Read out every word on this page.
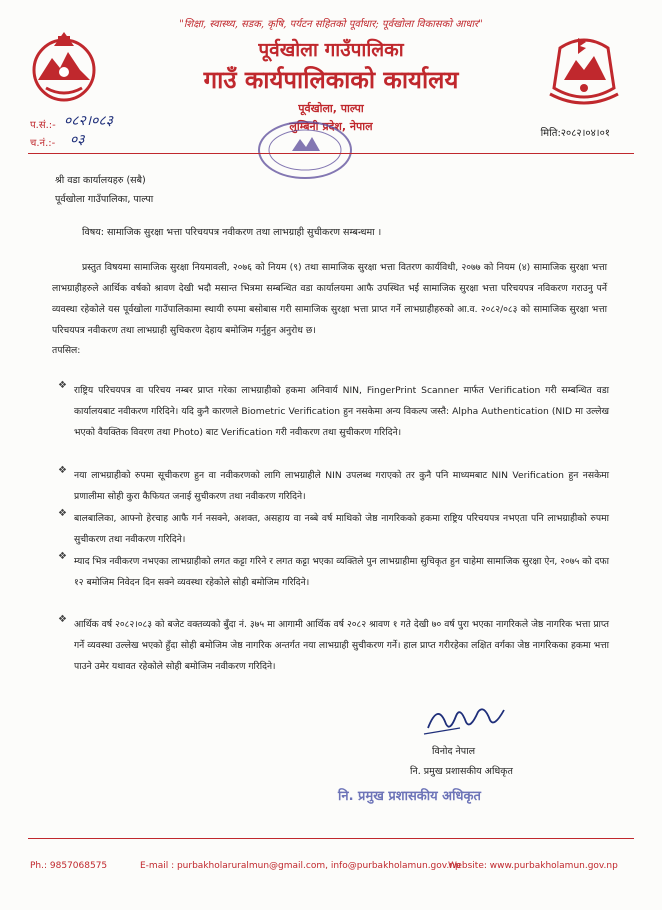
"शिक्षा, स्वास्थ्य, सडक, कृषि, पर्यटन सहितको पूर्वाधार; पूर्वखोला विकासको आधार"
पूर्वखोला गाउँपालिका
गाउँ कार्यपालिकाको कार्यालय
पूर्वखोला, पाल्पा
लुम्बिनी प्रदेश, नेपाल
प.सं.:- ०८२।०८३
च.नं.:- ०३	मिति:२०८२।०४।०१
श्री वडा कार्यालयहरु (सबै)
पूर्वखोला गाउँपालिका, पाल्पा
विषय: सामाजिक सुरक्षा भत्ता परिचयपत्र नवीकरण तथा लाभग्राही सुचीकरण सम्बन्धमा ।
प्रस्तुत विषयमा सामाजिक सुरक्षा नियमावली, २०७६ को नियम (९) तथा सामाजिक सुरक्षा भत्ता वितरण कार्यविधी, २०७७ को नियम (४) सामाजिक सुरक्षा भत्ता लाभग्राहीहरुले आर्थिक वर्षको श्रावण देखी भदौ मसान्त भित्रमा सम्बन्धित वडा कार्यालयमा आफै उपस्थित भई सामाजिक सुरक्षा भत्ता परिचयपत्र नविकरण गराउनु पर्ने व्यवस्था रहेकोले यस पूर्वखोला गाउँपालिकामा स्थायी रुपमा बसोबास गरी सामाजिक सुरक्षा भत्ता प्राप्त गर्ने लाभग्राहीहरुको आ.व. २०८२/०८३ को सामाजिक सुरक्षा भत्ता परिचयपत्र नवीकरण तथा लाभग्राही सुचिकरण देहाय बमोजिम गर्नुहुन अनुरोध छ।
तपसिल:
❖ राष्ट्रिय परिचयपत्र वा परिचय नम्बर प्राप्त गरेका लाभग्राहीको हकमा अनिवार्य NIN, FingerPrint Scanner मार्फत Verification गरी सम्बन्धित वडा कार्यालयबाट नवीकरण गरिदिने। यदि कुनै कारणले Biometric Verification हुन नसकेमा अन्य विकल्प जस्तै: Alpha Authentication (NID मा उल्लेख भएको वैयक्तिक विवरण तथा Photo) बाट Verification गरी नवीकरण तथा सुचीकरण गरिदिने।
❖ नया लाभग्राहीको रुपमा सूचीकरण हुन वा नवीकरणको लागि लाभग्राहीले NIN उपलब्ध गराएको तर कुनै पनि माध्यमबाट NIN Verification हुन नसकेमा प्रणालीमा सोही कुरा कैफियत जनाई सुचीकरण तथा नवीकरण गरिदिने।
❖ बालबालिका, आफ्नो हेरचाह आफै गर्न नसक्ने, अशक्त, असहाय वा नब्बे वर्ष माथिको जेष्ठ नागरिकको हकमा राष्ट्रिय परिचयपत्र नभएता पनि लाभग्राहीको रुपमा सुचीकरण तथा नवीकरण गरिदिने।
❖ म्याद भित्र नवीकरण नभएका लाभग्राहीको लगत कट्टा गरिने र लगत कट्टा भएका व्यक्तिले पुन लाभग्राहीमा सुचिकृत हुन चाहेमा सामाजिक सुरक्षा ऐन, २०७५ को दफा १२ बमोजिम निवेदन दिन सक्ने व्यवस्था रहेकोले सोही बमोजिम गरिदिने।
❖ आर्थिक वर्ष २०८२।०८३ को बजेट वक्तव्यको बुँदा नं. ३७५ मा आगामी आर्थिक वर्ष २०८२ श्रावण १ गते देखी ७० वर्ष पुरा भएका नागरिकले जेष्ठ नागरिक भत्ता प्राप्त गर्ने व्यवस्था उल्लेख भएको हुँदा सोही बमोजिम जेष्ठ नागरिक अन्तर्गत नया लाभग्राही सुचीकरण गर्ने। हाल प्राप्त गरीरहेका लक्षित वर्गका जेष्ठ नागरिकका हकमा भत्ता पाउने उमेर यथावत रहेकोले सोही बमोजिम नवीकरण गरिदिने।
विनोद नेपाल
नि. प्रमुख प्रशासकीय अधिकृत
नि. प्रमुख प्रशासकीय अधिकृत
Ph.: 9857068575	E-mail : purbakholaruralmun@gmail.com, info@purbakholamun.gov.np
Website: www.purbakholamun.gov.np
